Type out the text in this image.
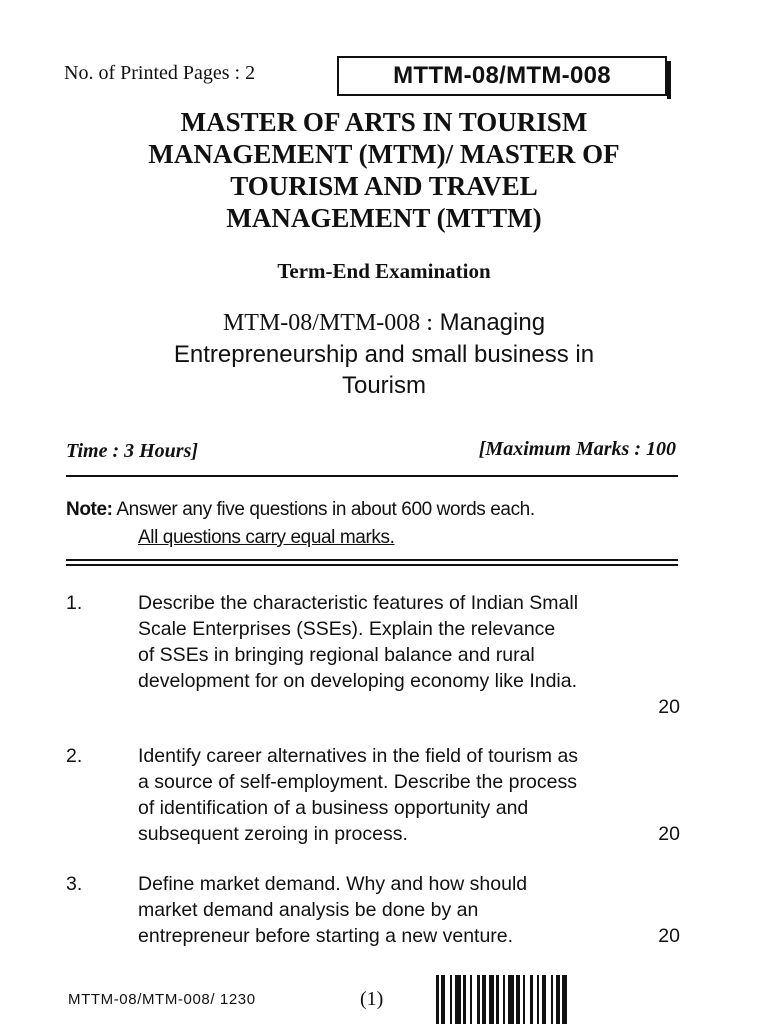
No. of Printed Pages : 2	MTTM-08/MTM-008
MASTER OF ARTS IN TOURISM
MANAGEMENT (MTM)/ MASTER OF
TOURISM AND TRAVEL
MANAGEMENT (MTTM)
Term-End Examination
MTM-08/MTM-008 : Managing
Entrepreneurship and small business in
Tourism
Time : 3 Hours]	[Maximum Marks : 100
Note: Answer any five questions in about 600 words each.
All questions carry equal marks.
1.	Describe the characteristic features of Indian Small
Scale Enterprises (SSEs). Explain the relevance
of SSEs in bringing regional balance and rural
development for on developing economy like India.
20
2.	Identify career alternatives in the field of tourism as
a source of self-employment. Describe the process
of identification of a business opportunity and
subsequent zeroing in process.	20
3.	Define market demand. Why and how should
market demand analysis be done by an
entrepreneur before starting a new venture.	20
MTTM-08/MTM-008/ 1230	(1)
